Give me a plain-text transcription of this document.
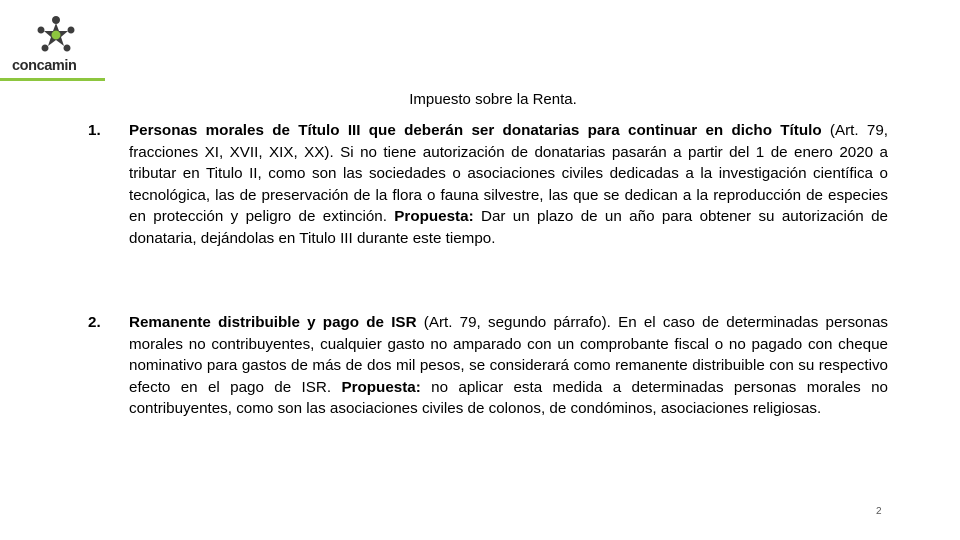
concamin
Impuesto sobre la Renta.
1. Personas morales de Título III que deberán ser donatarias para continuar en dicho Título (Art. 79, fracciones XI, XVII, XIX, XX). Si no tiene autorización de donatarias pasarán a partir del 1 de enero 2020 a tributar en Titulo II, como son las sociedades o asociaciones civiles dedicadas a la investigación científica o tecnológica, las de preservación de la flora o fauna silvestre, las que se dedican a la reproducción de especies en protección y peligro de extinción. Propuesta: Dar un plazo de un año para obtener su autorización de donataria, dejándolas en Titulo III durante este tiempo.
2. Remanente distribuible y pago de ISR (Art. 79, segundo párrafo). En el caso de determinadas personas morales no contribuyentes, cualquier gasto no amparado con un comprobante fiscal o no pagado con cheque nominativo para gastos de más de dos mil pesos, se considerará como remanente distribuible con su respectivo efecto en el pago de ISR. Propuesta: no aplicar esta medida a determinadas personas morales no contribuyentes, como son las asociaciones civiles de colonos, de condóminos, asociaciones religiosas.
2
